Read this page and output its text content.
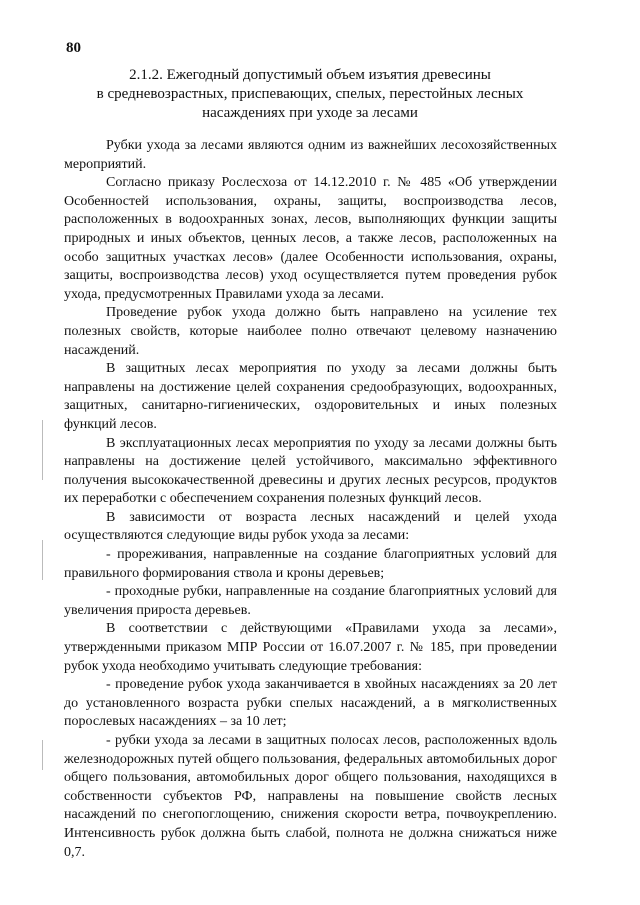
80
2.1.2. Ежегодный допустимый объем изъятия древесины
в средневозрастных, приспевающих, спелых, перестойных лесных
насаждениях при уходе за лесами

Рубки ухода за лесами являются одним из важнейших лесохозяйственных мероприятий.

Согласно приказу Рослесхоза от 14.12.2010 г. № 485 «Об утверждении Особенностей использования, охраны, защиты, воспроизводства лесов, расположенных в водоохранных зонах, лесов, выполняющих функции защиты природных и иных объектов, ценных лесов, а также лесов, расположенных на особо защитных участках лесов» (далее Особенности использования, охраны, защиты, воспроизводства лесов) уход осуществляется путем проведения рубок ухода, предусмотренных Правилами ухода за лесами.

Проведение рубок ухода должно быть направлено на усиление тех полезных свойств, которые наиболее полно отвечают целевому назначению насаждений.

В защитных лесах мероприятия по уходу за лесами должны быть направлены на достижение целей сохранения средообразующих, водоохранных, защитных, санитарно-гигиенических, оздоровительных и иных полезных функций лесов.

В эксплуатационных лесах мероприятия по уходу за лесами должны быть направлены на достижение целей устойчивого, максимально эффективного получения высококачественной древесины и других лесных ресурсов, продуктов их переработки с обеспечением сохранения полезных функций лесов.

В зависимости от возраста лесных насаждений и целей ухода осуществляются следующие виды рубок ухода за лесами:

- прореживания, направленные на создание благоприятных условий для правильного формирования ствола и кроны деревьев;

- проходные рубки, направленные на создание благоприятных условий для увеличения прироста деревьев.

В соответствии с действующими «Правилами ухода за лесами», утвержденными приказом МПР России от 16.07.2007 г. № 185, при проведении рубок ухода необходимо учитывать следующие требования:

- проведение рубок ухода заканчивается в хвойных насаждениях за 20 лет до установленного возраста рубки спелых насаждений, а в мягколиственных порослевых насаждениях – за 10 лет;

- рубки ухода за лесами в защитных полосах лесов, расположенных вдоль железнодорожных путей общего пользования, федеральных автомобильных дорог общего пользования, автомобильных дорог общего пользования, находящихся в собственности субъектов РФ, направлены на повышение свойств лесных насаждений по снегопоглощению, снижения скорости ветра, почвоукреплению. Интенсивность рубок должна быть слабой, полнота не должна снижаться ниже 0,7.
